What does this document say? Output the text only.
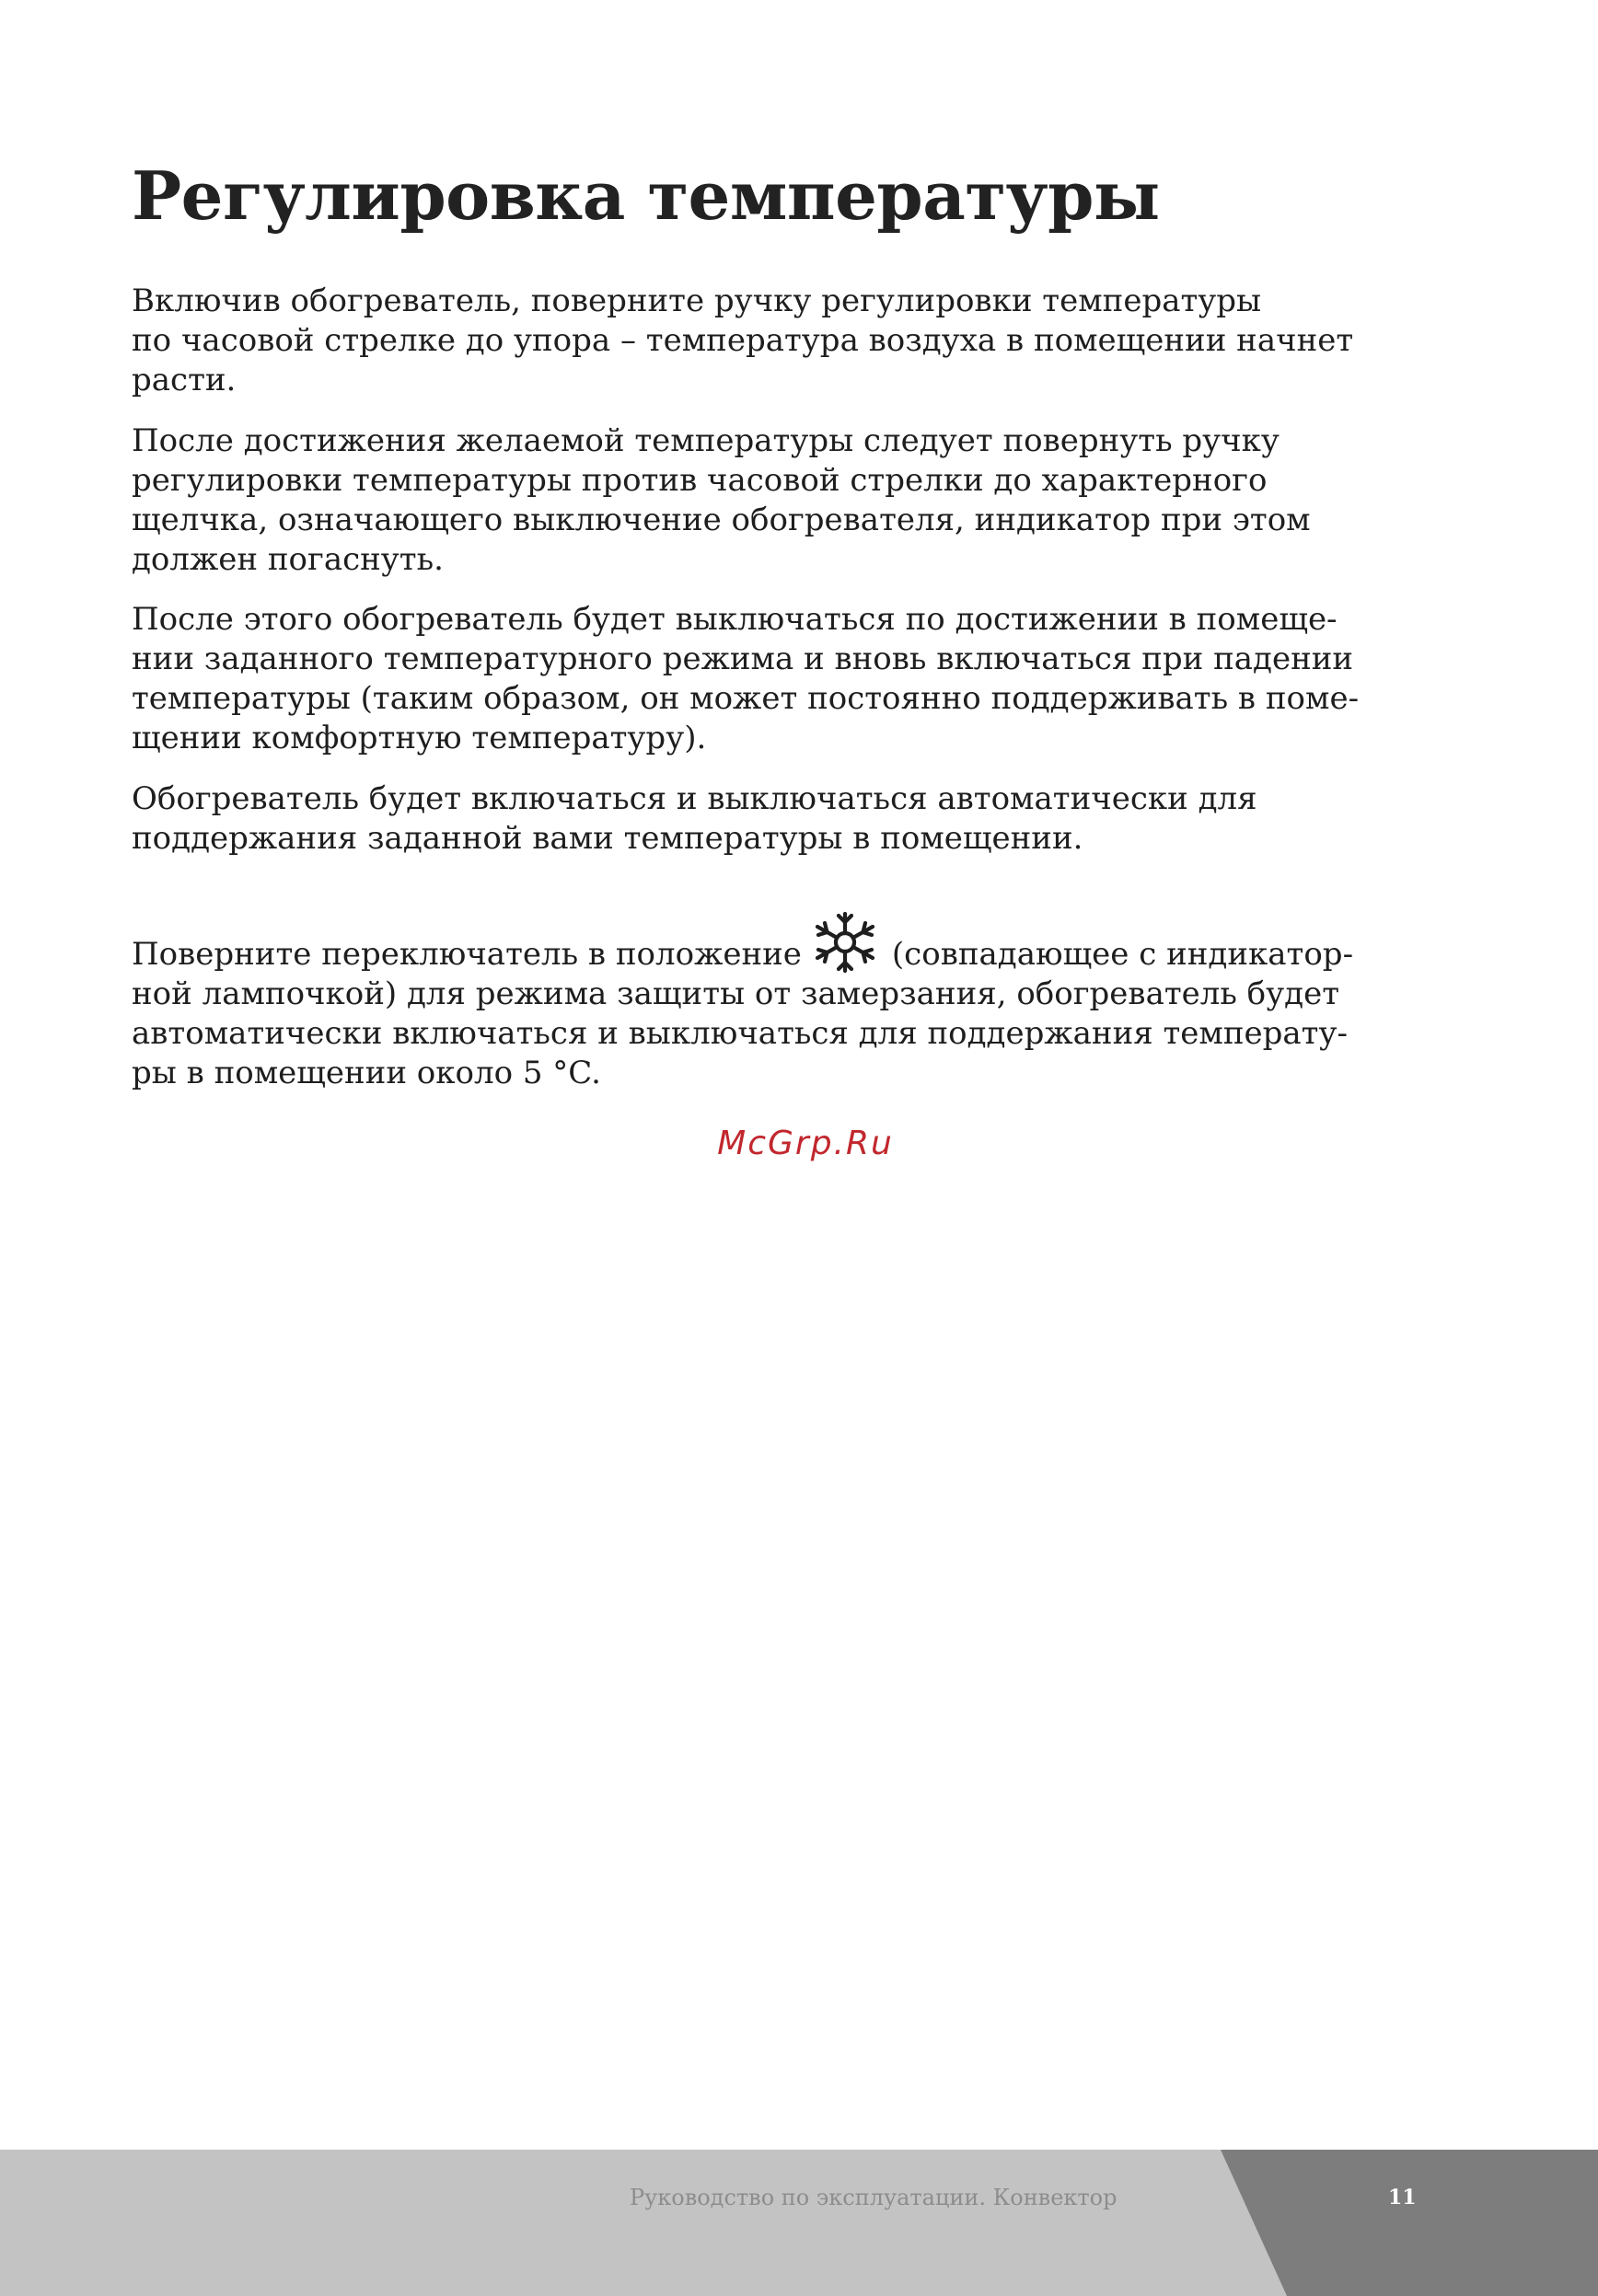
Регулировка температуры

Включив обогреватель, поверните ручку регулировки температуры
по часовой стрелке до упора – температура воздуха в помещении начнет
расти.

После достижения желаемой температуры следует повернуть ручку
регулировки температуры против часовой стрелки до характерного
щелчка, означающего выключение обогревателя, индикатор при этом
должен погаснуть.

После этого обогреватель будет выключаться по достижении в помеще-
нии заданного температурного режима и вновь включаться при падении
температуры (таким образом, он может постоянно поддерживать в поме-
щении комфортную температуру).

Обогреватель будет включаться и выключаться автоматически для
поддержания заданной вами температуры в помещении.

Поверните переключатель в положение	(совпадающее с индикатор-
ной лампочкой) для режима защиты от замерзания, обогреватель будет
автоматически включаться и выключаться для поддержания температу-
ры в помещении около 5 °C.

McGrp.Ru

Руководство по эксплуатации. Конвектор	11
